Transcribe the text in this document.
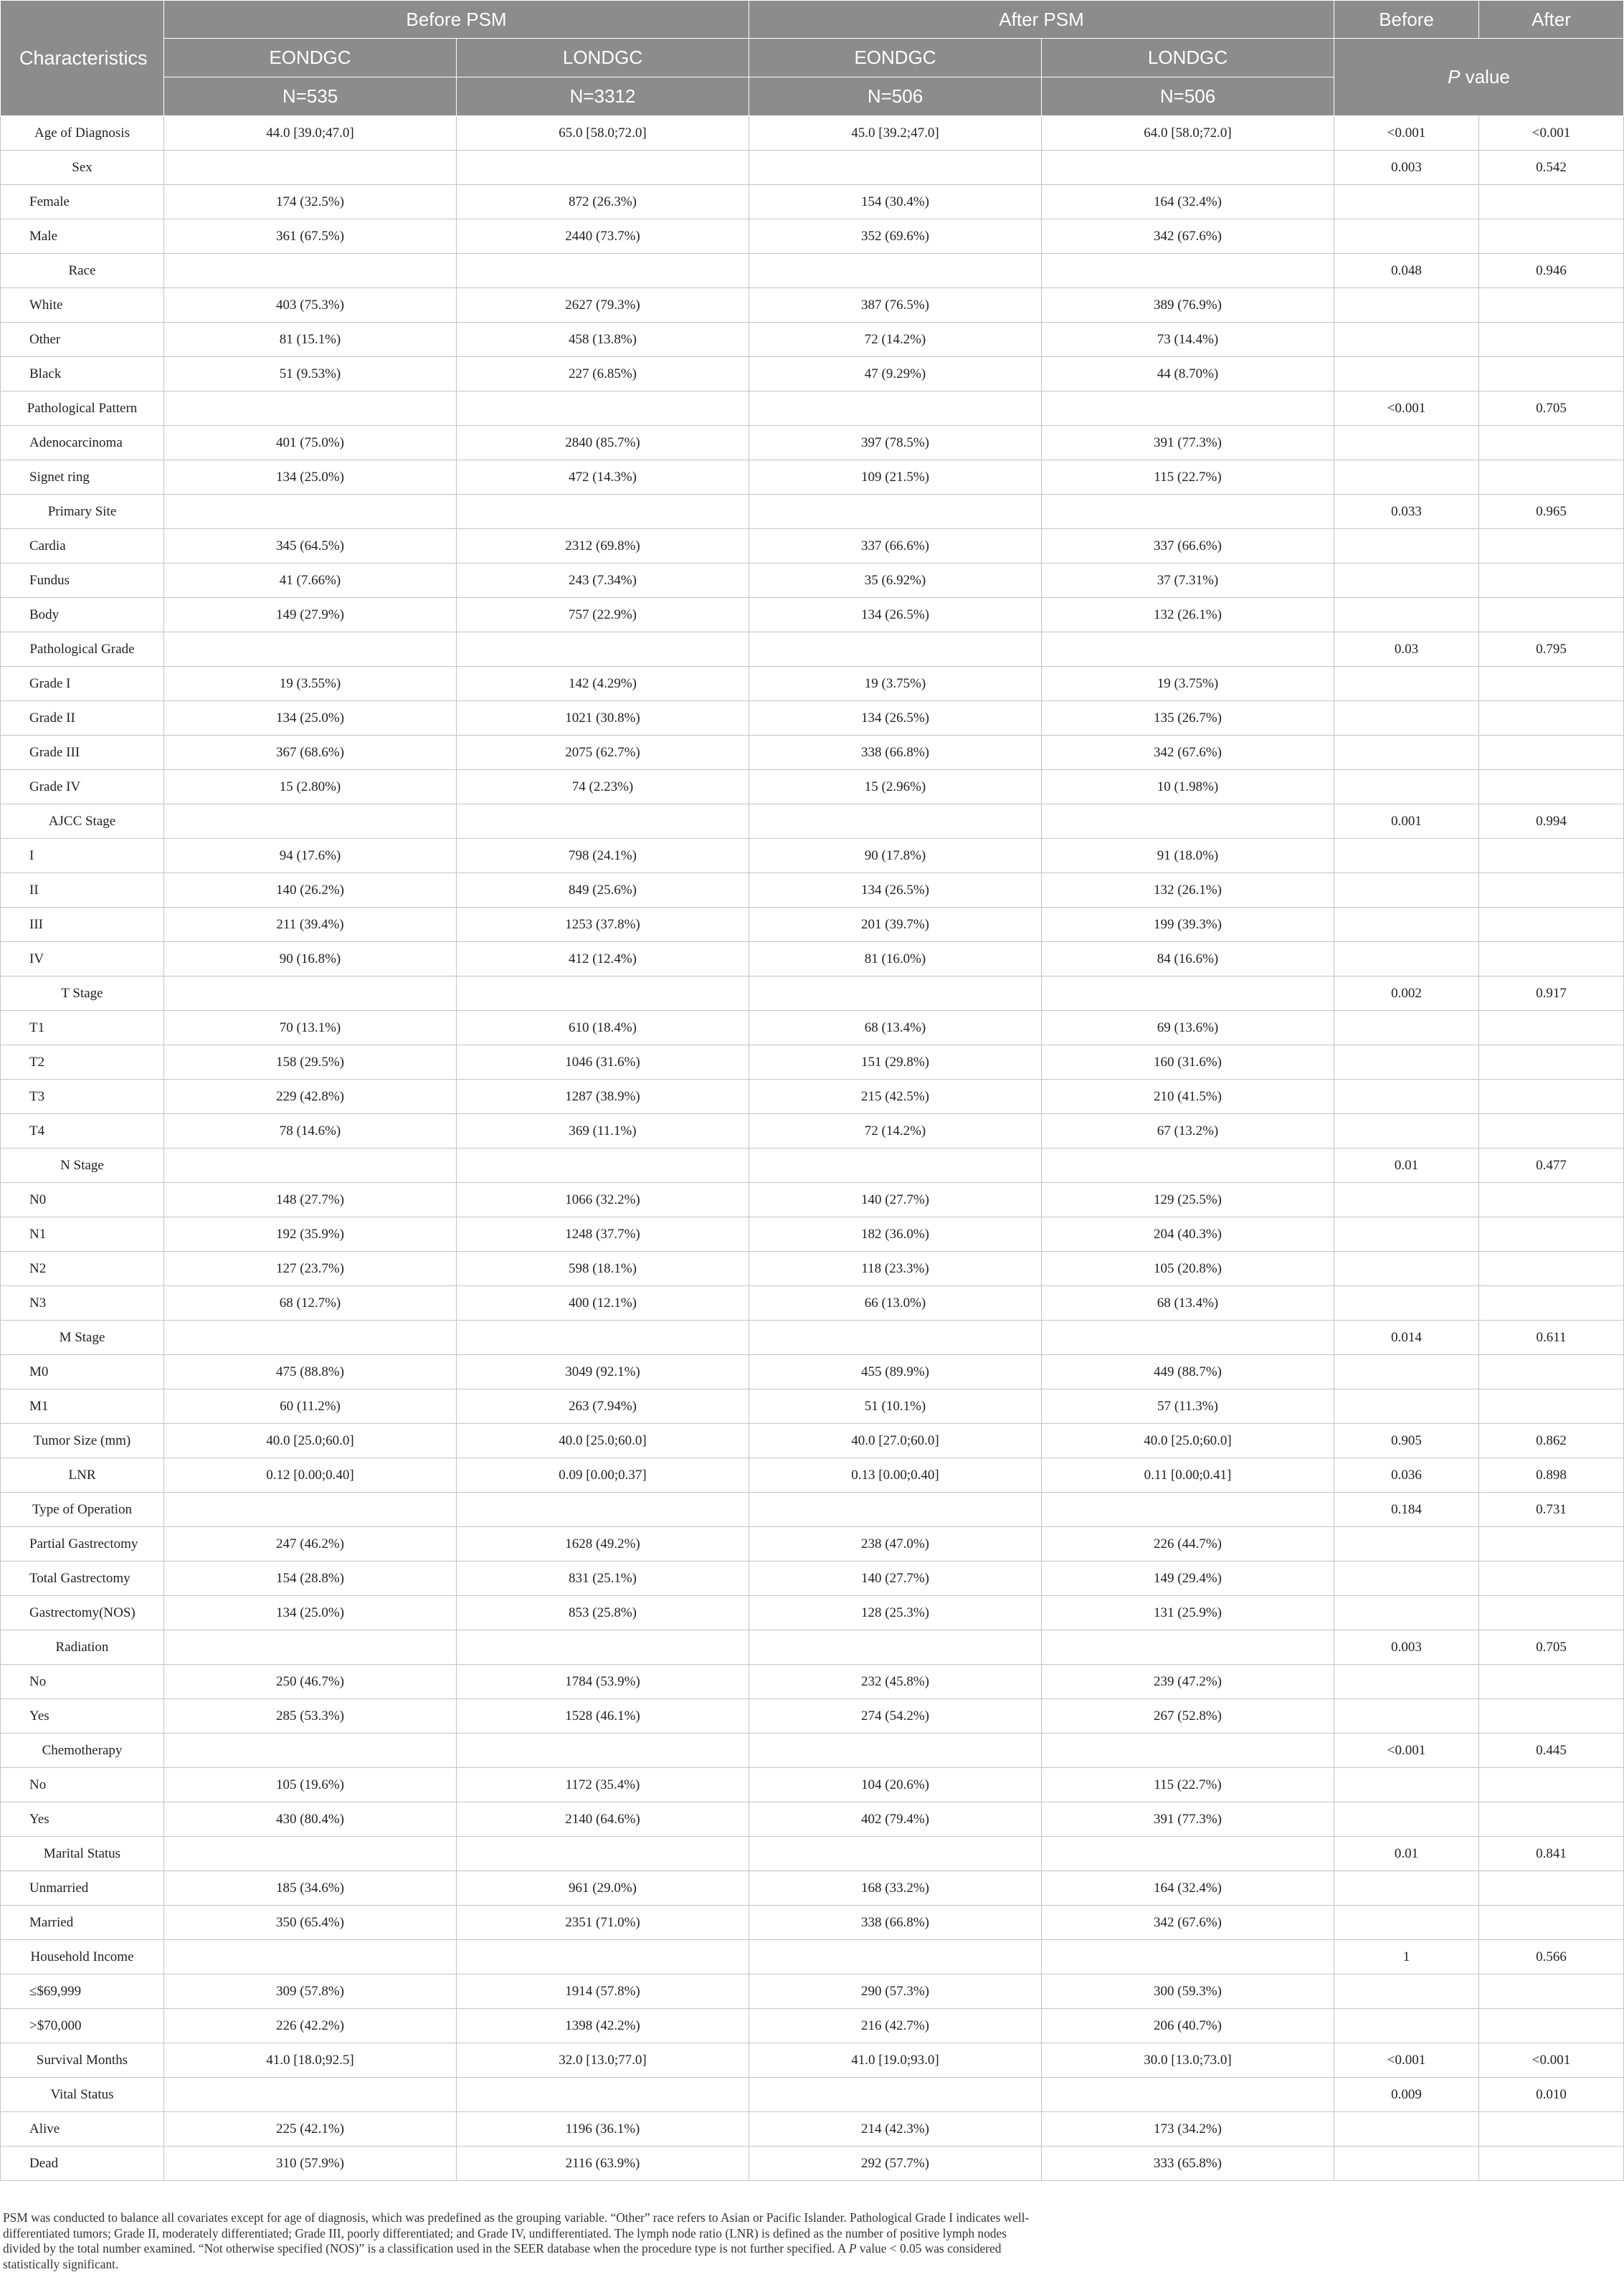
Characteristics	Before PSM		After PSM		Before	After
	EONDGC	LONDGC	EONDGC	LONDGC	P value	
	N=535	N=3312	N=506	N=506		
Age of Diagnosis	44.0 [39.0;47.0]	65.0 [58.0;72.0]	45.0 [39.2;47.0]	64.0 [58.0;72.0]	<0.001	<0.001
Sex					0.003	0.542
Female	174 (32.5%)	872 (26.3%)	154 (30.4%)	164 (32.4%)		
Male	361 (67.5%)	2440 (73.7%)	352 (69.6%)	342 (67.6%)		
Race					0.048	0.946
White	403 (75.3%)	2627 (79.3%)	387 (76.5%)	389 (76.9%)		
Other	81 (15.1%)	458 (13.8%)	72 (14.2%)	73 (14.4%)		
Black	51 (9.53%)	227 (6.85%)	47 (9.29%)	44 (8.70%)		
Pathological Pattern					<0.001	0.705
Adenocarcinoma	401 (75.0%)	2840 (85.7%)	397 (78.5%)	391 (77.3%)		
Signet ring	134 (25.0%)	472 (14.3%)	109 (21.5%)	115 (22.7%)		
Primary Site					0.033	0.965
Cardia	345 (64.5%)	2312 (69.8%)	337 (66.6%)	337 (66.6%)		
Fundus	41 (7.66%)	243 (7.34%)	35 (6.92%)	37 (7.31%)		
Body	149 (27.9%)	757 (22.9%)	134 (26.5%)	132 (26.1%)		
Pathological Grade					0.03	0.795
Grade I	19 (3.55%)	142 (4.29%)	19 (3.75%)	19 (3.75%)		
Grade II	134 (25.0%)	1021 (30.8%)	134 (26.5%)	135 (26.7%)		
Grade III	367 (68.6%)	2075 (62.7%)	338 (66.8%)	342 (67.6%)		
Grade IV	15 (2.80%)	74 (2.23%)	15 (2.96%)	10 (1.98%)		
AJCC Stage					0.001	0.994
I	94 (17.6%)	798 (24.1%)	90 (17.8%)	91 (18.0%)		
II	140 (26.2%)	849 (25.6%)	134 (26.5%)	132 (26.1%)		
III	211 (39.4%)	1253 (37.8%)	201 (39.7%)	199 (39.3%)		
IV	90 (16.8%)	412 (12.4%)	81 (16.0%)	84 (16.6%)		
T Stage					0.002	0.917
T1	70 (13.1%)	610 (18.4%)	68 (13.4%)	69 (13.6%)		
T2	158 (29.5%)	1046 (31.6%)	151 (29.8%)	160 (31.6%)		
T3	229 (42.8%)	1287 (38.9%)	215 (42.5%)	210 (41.5%)		
T4	78 (14.6%)	369 (11.1%)	72 (14.2%)	67 (13.2%)		
N Stage					0.01	0.477
N0	148 (27.7%)	1066 (32.2%)	140 (27.7%)	129 (25.5%)		
N1	192 (35.9%)	1248 (37.7%)	182 (36.0%)	204 (40.3%)		
N2	127 (23.7%)	598 (18.1%)	118 (23.3%)	105 (20.8%)		
N3	68 (12.7%)	400 (12.1%)	66 (13.0%)	68 (13.4%)		
M Stage					0.014	0.611
M0	475 (88.8%)	3049 (92.1%)	455 (89.9%)	449 (88.7%)		
M1	60 (11.2%)	263 (7.94%)	51 (10.1%)	57 (11.3%)		
Tumor Size (mm)	40.0 [25.0;60.0]	40.0 [25.0;60.0]	40.0 [27.0;60.0]	40.0 [25.0;60.0]	0.905	0.862
LNR	0.12 [0.00;0.40]	0.09 [0.00;0.37]	0.13 [0.00;0.40]	0.11 [0.00;0.41]	0.036	0.898
Type of Operation					0.184	0.731
Partial Gastrectomy	247 (46.2%)	1628 (49.2%)	238 (47.0%)	226 (44.7%)		
Total Gastrectomy	154 (28.8%)	831 (25.1%)	140 (27.7%)	149 (29.4%)		
Gastrectomy(NOS)	134 (25.0%)	853 (25.8%)	128 (25.3%)	131 (25.9%)		
Radiation					0.003	0.705
No	250 (46.7%)	1784 (53.9%)	232 (45.8%)	239 (47.2%)		
Yes	285 (53.3%)	1528 (46.1%)	274 (54.2%)	267 (52.8%)		
Chemotherapy					<0.001	0.445
No	105 (19.6%)	1172 (35.4%)	104 (20.6%)	115 (22.7%)		
Yes	430 (80.4%)	2140 (64.6%)	402 (79.4%)	391 (77.3%)		
Marital Status					0.01	0.841
Unmarried	185 (34.6%)	961 (29.0%)	168 (33.2%)	164 (32.4%)		
Married	350 (65.4%)	2351 (71.0%)	338 (66.8%)	342 (67.6%)		
Household Income					1	0.566
≤$69,999	309 (57.8%)	1914 (57.8%)	290 (57.3%)	300 (59.3%)		
>$70,000	226 (42.2%)	1398 (42.2%)	216 (42.7%)	206 (40.7%)		
Survival Months	41.0 [18.0;92.5]	32.0 [13.0;77.0]	41.0 [19.0;93.0]	30.0 [13.0;73.0]	<0.001	<0.001
Vital Status					0.009	0.010
Alive	225 (42.1%)	1196 (36.1%)	214 (42.3%)	173 (34.2%)		
Dead	310 (57.9%)	2116 (63.9%)	292 (57.7%)	333 (65.8%)		
PSM was conducted to balance all covariates except for age of diagnosis, which was predefined as the grouping variable. “Other” race refers to Asian or Pacific Islander. Pathological Grade I indicates well-differentiated tumors; Grade II, moderately differentiated; Grade III, poorly differentiated; and Grade IV, undifferentiated. The lymph node ratio (LNR) is defined as the number of positive lymph nodes divided by the total number examined. “Not otherwise specified (NOS)” is a classification used in the SEER database when the procedure type is not further specified. A P value < 0.05 was considered statistically significant.
